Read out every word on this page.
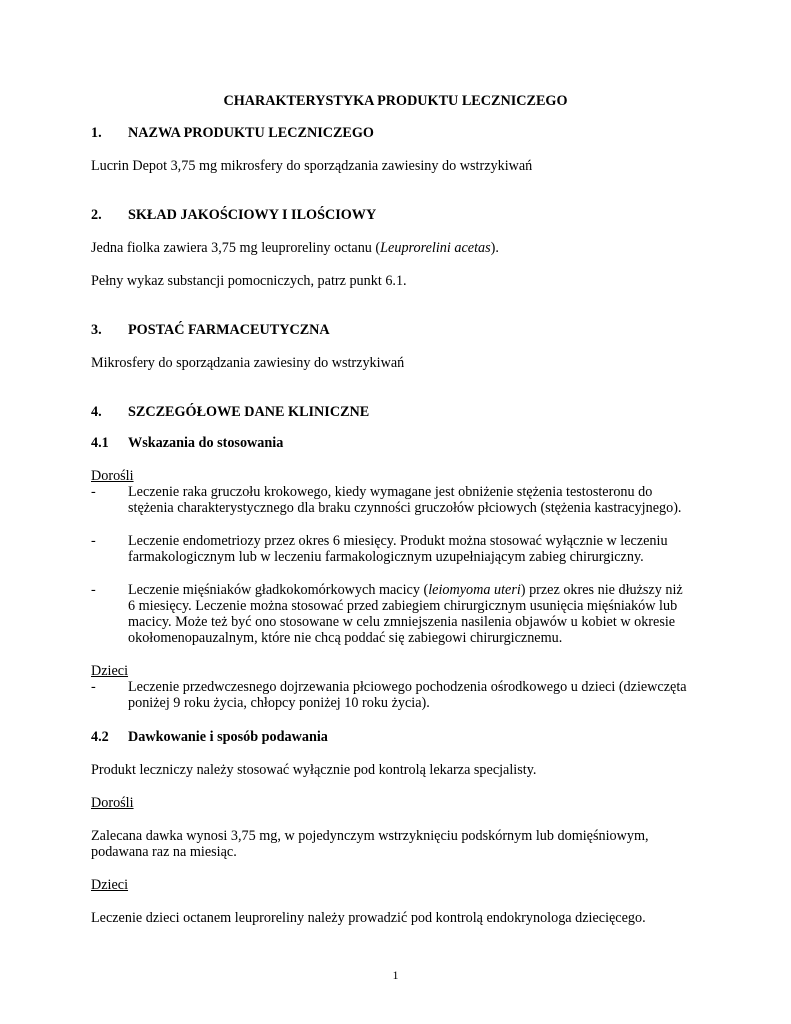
CHARAKTERYSTYKA PRODUKTU LECZNICZEGO
1. NAZWA PRODUKTU LECZNICZEGO
Lucrin Depot 3,75 mg mikrosfery do sporządzania zawiesiny do wstrzykiwań
2. SKŁAD JAKOŚCIOWY I ILOŚCIOWY
Jedna fiolka zawiera 3,75 mg leuproreliny octanu (Leuprorelini acetas).
Pełny wykaz substancji pomocniczych, patrz punkt 6.1.
3. POSTAĆ FARMACEUTYCZNA
Mikrosfery do sporządzania zawiesiny do wstrzykiwań
4. SZCZEGÓŁOWE DANE KLINICZNE
4.1 Wskazania do stosowania
Dorośli
- Leczenie raka gruczołu krokowego, kiedy wymagane jest obniżenie stężenia testosteronu do
stężenia charakterystycznego dla braku czynności gruczołów płciowych (stężenia kastracyjnego).
- Leczenie endometriozy przez okres 6 miesięcy. Produkt można stosować wyłącznie w leczeniu
farmakologicznym lub w leczeniu farmakologicznym uzupełniającym zabieg chirurgiczny.
- Leczenie mięśniaków gładkokomórkowych macicy (leiomyoma uteri) przez okres nie dłuższy niż
6 miesięcy. Leczenie można stosować przed zabiegiem chirurgicznym usunięcia mięśniaków lub
macicy. Może też być ono stosowane w celu zmniejszenia nasilenia objawów u kobiet w okresie
okołomenopauzalnym, które nie chcą poddać się zabiegowi chirurgicznemu.
Dzieci
- Leczenie przedwczesnego dojrzewania płciowego pochodzenia ośrodkowego u dzieci (dziewczęta
poniżej 9 roku życia, chłopcy poniżej 10 roku życia).
4.2 Dawkowanie i sposób podawania
Produkt leczniczy należy stosować wyłącznie pod kontrolą lekarza specjalisty.
Dorośli
Zalecana dawka wynosi 3,75 mg, w pojedynczym wstrzyknięciu podskórnym lub domięśniowym,
podawana raz na miesiąc.
Dzieci
Leczenie dzieci octanem leuproreliny należy prowadzić pod kontrolą endokrynologa dziecięcego.
1
